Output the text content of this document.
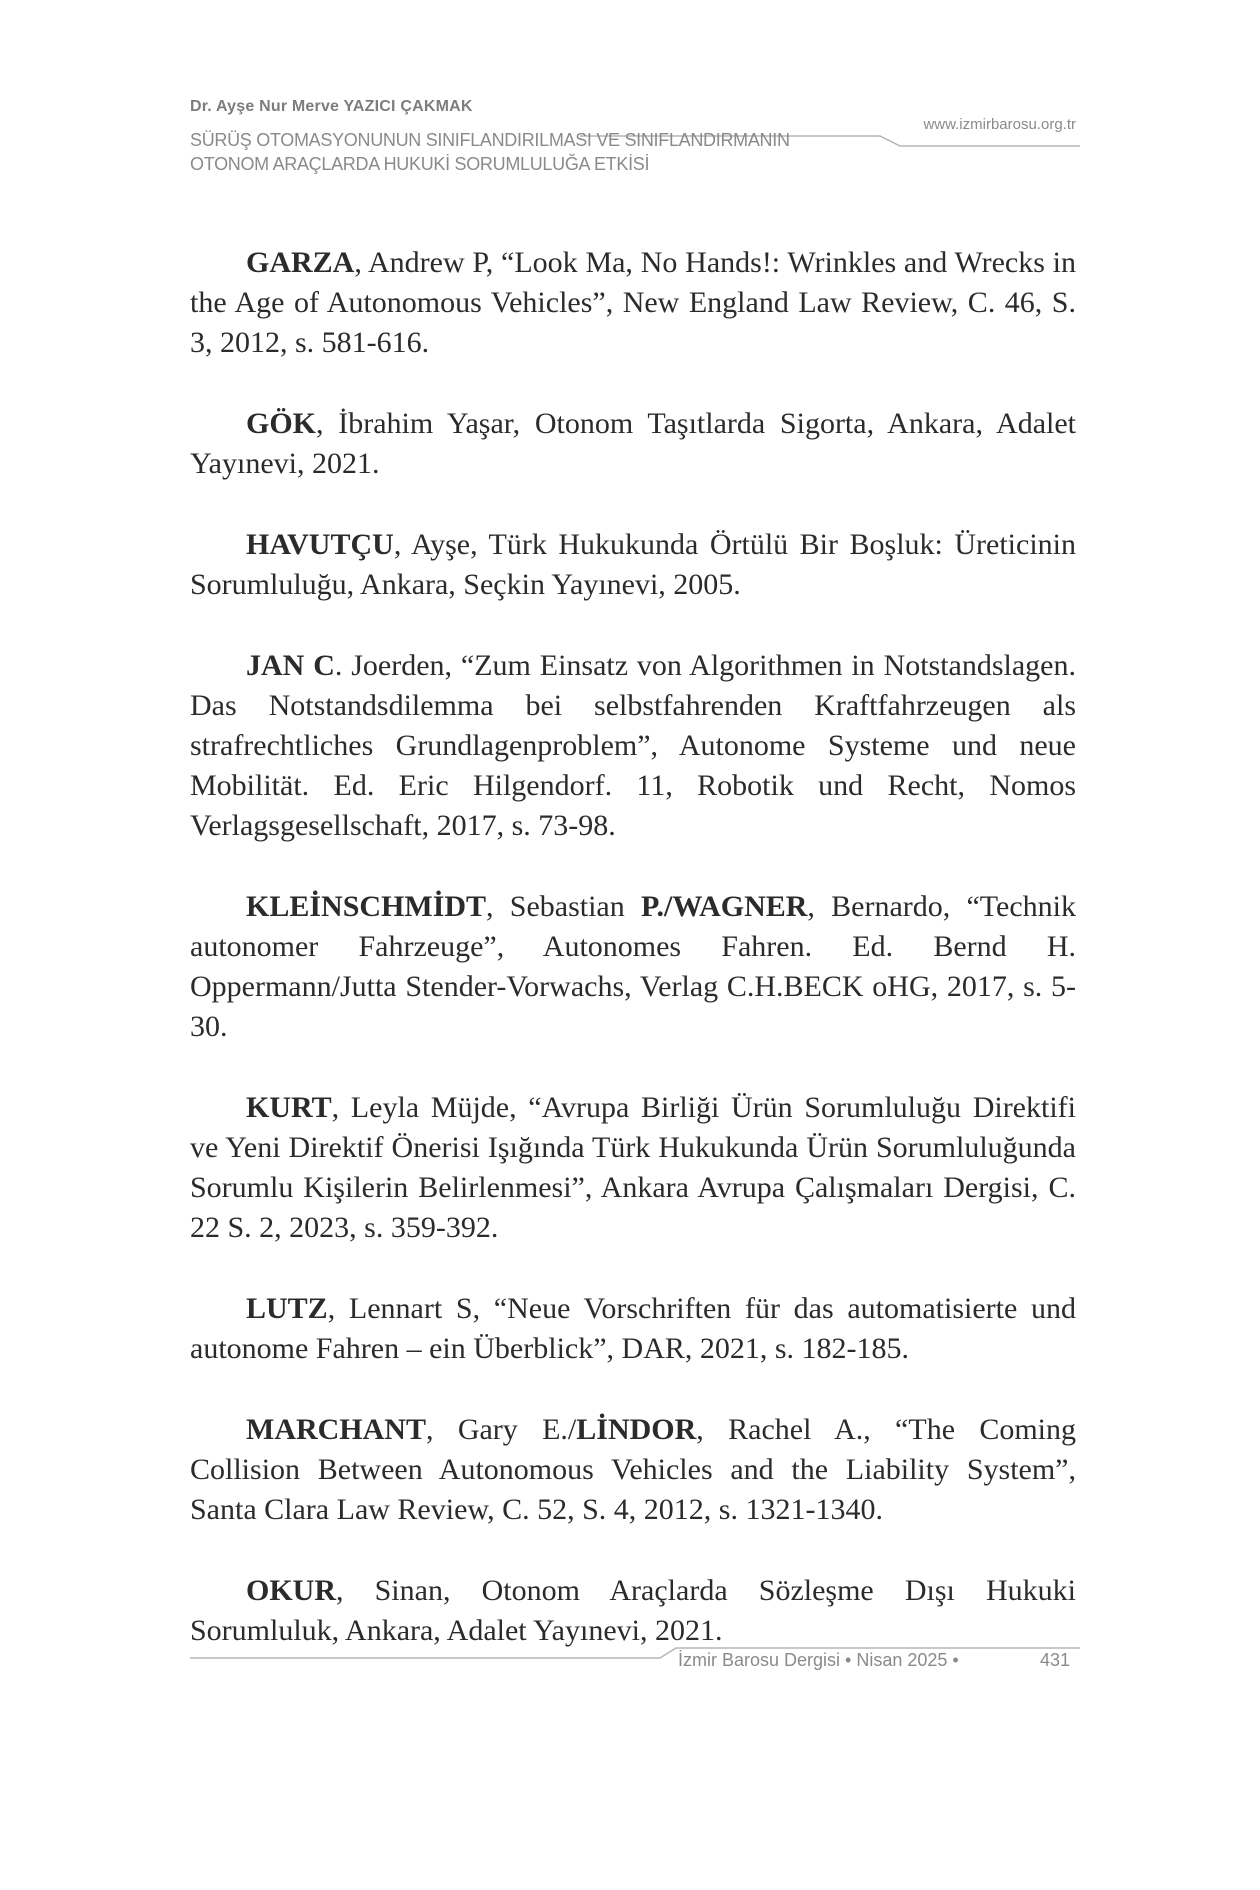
Dr. Ayşe Nur Merve YAZICI ÇAKMAK
SÜRÜŞ OTOMASYONUNUN SINIFLANDIRILMASI VE SINIFLANDIRMANIN
OTONOM ARAÇLARDA HUKUKİ SORUMLULUĞA ETKİSİ
www.izmirbarosu.org.tr

GARZA, Andrew P, “Look Ma, No Hands!: Wrinkles and Wrecks in the Age of Autonomous Vehicles”, New England Law Review, C. 46, S. 3, 2012, s. 581-616.

GÖK, İbrahim Yaşar, Otonom Taşıtlarda Sigorta, Ankara, Adalet Yayınevi, 2021.

HAVUTÇU, Ayşe, Türk Hukukunda Örtülü Bir Boşluk: Üreticinin Sorumluluğu, Ankara, Seçkin Yayınevi, 2005.

JAN C. Joerden, “Zum Einsatz von Algorithmen in Notstandslagen. Das Notstandsdilemma bei selbstfahrenden Kraftfahrzeugen als strafrechtliches Grundlagenproblem”, Autonome Systeme und neue Mobilität. Ed. Eric Hilgendorf. 11, Robotik und Recht, Nomos Verlagsgesellschaft, 2017, s. 73-98.

KLEİNSCHMİDT, Sebastian P./WAGNER, Bernardo, “Technik autonomer Fahrzeuge”, Autonomes Fahren. Ed. Bernd H. Oppermann/Jutta Stender-Vorwachs, Verlag C.H.BECK oHG, 2017, s. 5-30.

KURT, Leyla Müjde, “Avrupa Birliği Ürün Sorumluluğu Direktifi ve Yeni Direktif Önerisi Işığında Türk Hukukunda Ürün Sorumluluğunda Sorumlu Kişilerin Belirlenmesi”, Ankara Avrupa Çalışmaları Dergisi, C. 22 S. 2, 2023, s. 359-392.

LUTZ, Lennart S, “Neue Vorschriften für das automatisierte und autonome Fahren – ein Überblick”, DAR, 2021, s. 182-185.

MARCHANT, Gary E./LİNDOR, Rachel A., “The Coming Collision Between Autonomous Vehicles and the Liability System”, Santa Clara Law Review, C. 52, S. 4, 2012, s. 1321-1340.

OKUR, Sinan, Otonom Araçlarda Sözleşme Dışı Hukuki Sorumluluk, Ankara, Adalet Yayınevi, 2021.

İzmir Barosu Dergisi • Nisan 2025 •	431
